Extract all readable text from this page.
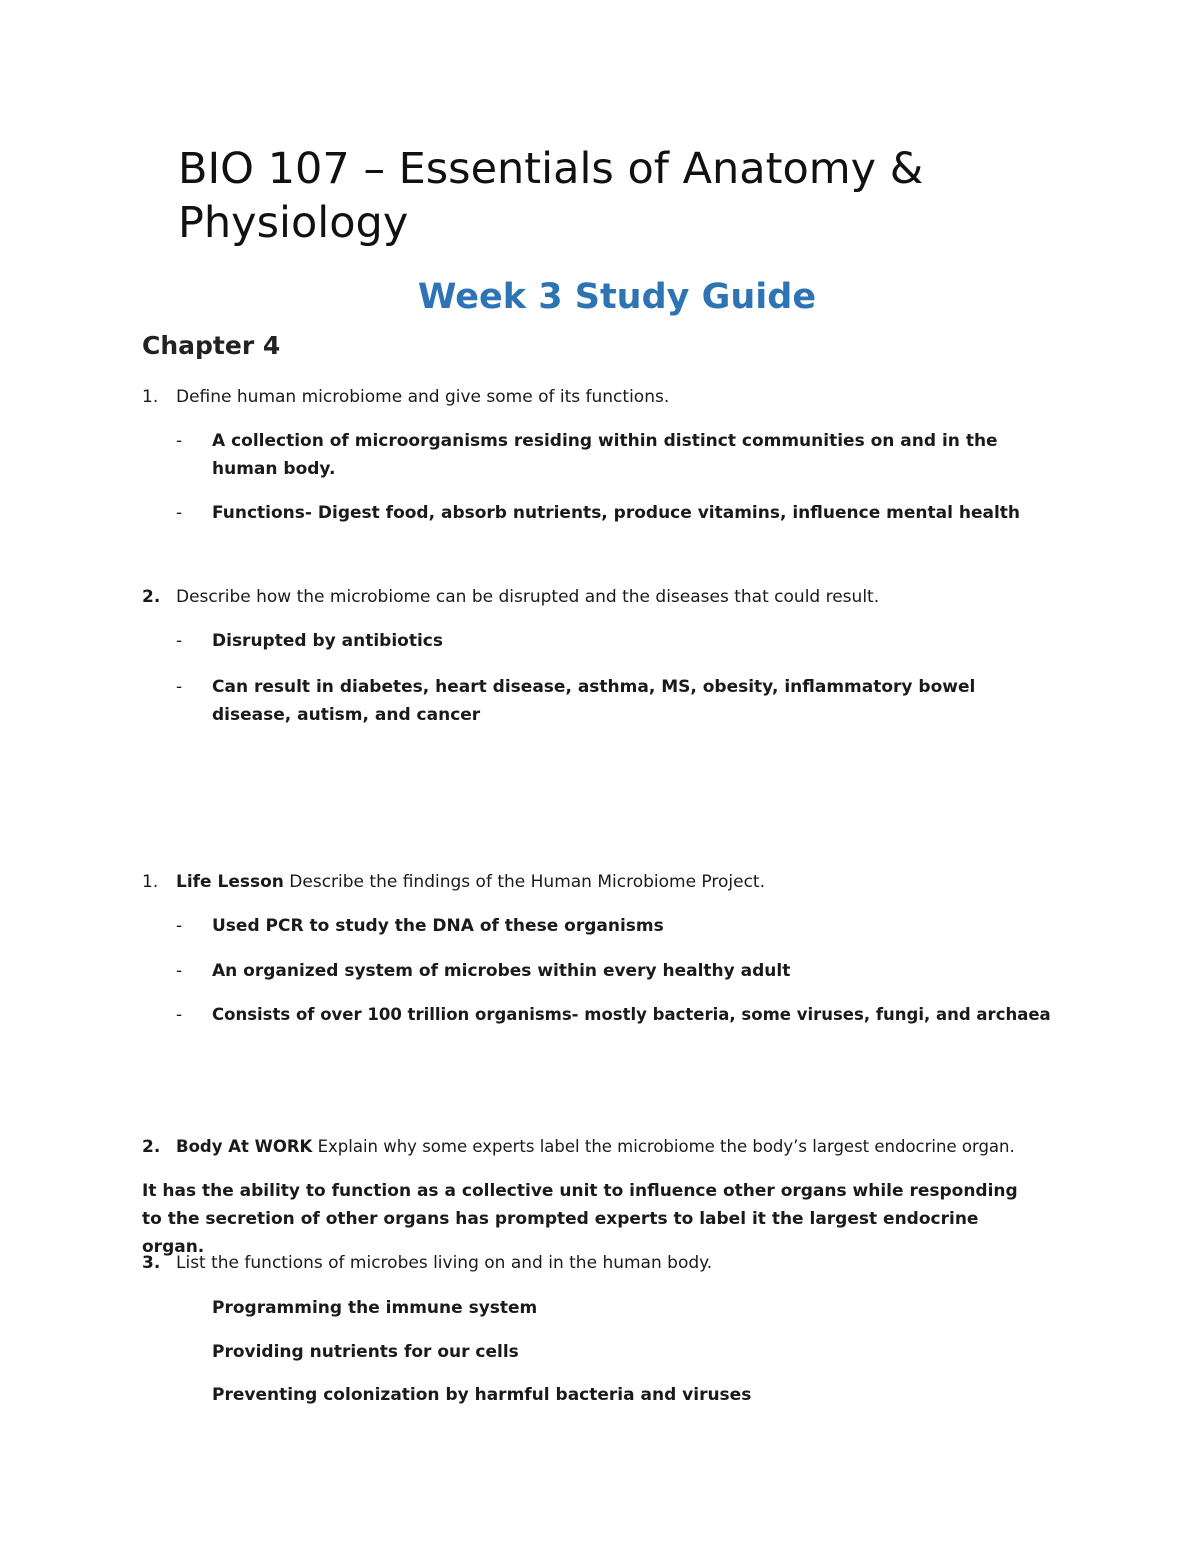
BIO 107 – Essentials of Anatomy & Physiology
Week 3 Study Guide
Chapter 4
1. Define human microbiome and give some of its functions.
- A collection of microorganisms residing within distinct communities on and in the human body.
- Functions- Digest food, absorb nutrients, produce vitamins, influence mental health
2. Describe how the microbiome can be disrupted and the diseases that could result.
- Disrupted by antibiotics
- Can result in diabetes, heart disease, asthma, MS, obesity, inflammatory bowel disease, autism, and cancer
1. Life Lesson Describe the findings of the Human Microbiome Project.
- Used PCR to study the DNA of these organisms
- An organized system of microbes within every healthy adult
- Consists of over 100 trillion organisms- mostly bacteria, some viruses, fungi, and archaea
2. Body At WORK Explain why some experts label the microbiome the body’s largest endocrine organ.
It has the ability to function as a collective unit to influence other organs while responding to the secretion of other organs has prompted experts to label it the largest endocrine organ.
3. List the functions of microbes living on and in the human body.
Programming the immune system
Providing nutrients for our cells
Preventing colonization by harmful bacteria and viruses
